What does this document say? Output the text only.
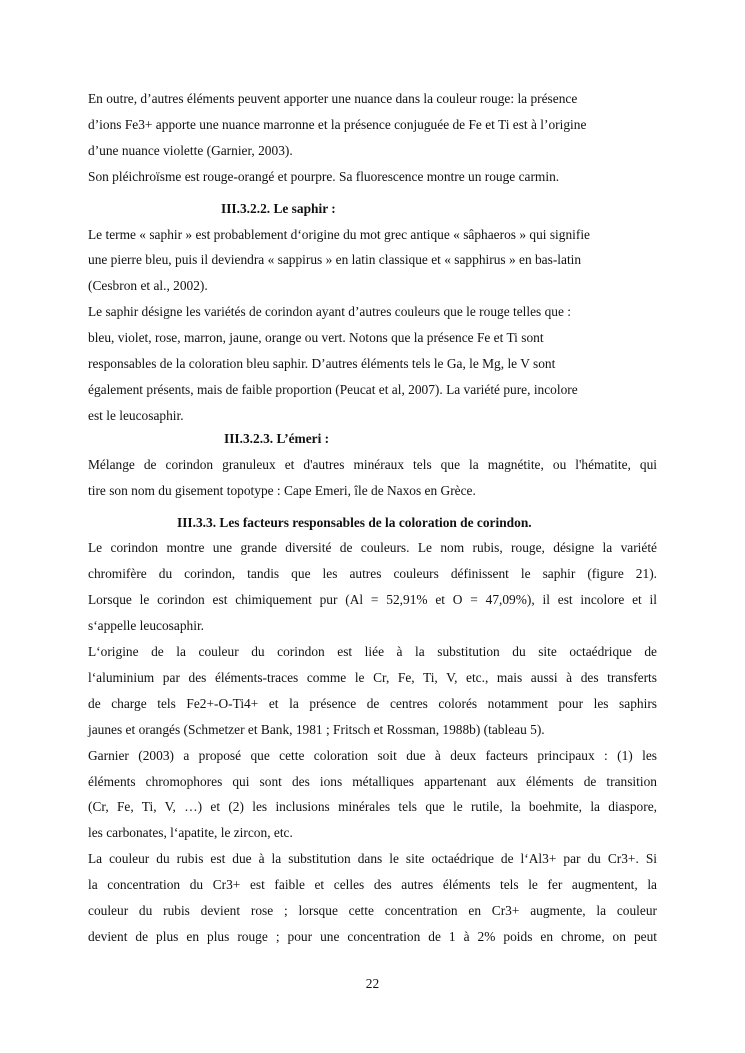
En outre, d’autres éléments peuvent apporter une nuance dans la couleur rouge: la présence
d’ions Fe3+ apporte une nuance marronne et la présence conjuguée de Fe et Ti est à l’origine
d’une nuance violette (Garnier, 2003).
Son pléichroïsme est rouge-orangé et pourpre. Sa fluorescence montre un rouge carmin.
III.3.2.2. Le saphir :
Le terme « saphir » est probablement d‘origine du mot grec antique « sâphaeros » qui signifie
une pierre bleu, puis il deviendra « sappirus » en latin classique et « sapphirus » en bas-latin
(Cesbron et al., 2002).
Le saphir désigne les variétés de corindon ayant d’autres couleurs que le rouge telles que :
bleu, violet, rose, marron, jaune, orange ou vert. Notons que la présence Fe et Ti sont
responsables de la coloration bleu saphir. D’autres éléments tels le Ga, le Mg, le V sont
également présents, mais de faible proportion (Peucat et al, 2007). La variété pure, incolore
est le leucosaphir.
III.3.2.3. L’émeri :
Mélange de corindon granuleux et d'autres minéraux tels que la magnétite, ou l'hématite, qui
tire son nom du gisement topotype : Cape Emeri, île de Naxos en Grèce.
III.3.3. Les facteurs responsables de la coloration de corindon.
Le corindon montre une grande diversité de couleurs. Le nom rubis, rouge, désigne la variété
chromifère du corindon, tandis que les autres couleurs définissent le saphir (figure 21).
Lorsque le corindon est chimiquement pur (Al = 52,91% et O = 47,09%), il est incolore et il
s‘appelle leucosaphir.
L‘origine de la couleur du corindon est liée à la substitution du site octaédrique de
l‘aluminium par des éléments-traces comme le Cr, Fe, Ti, V, etc., mais aussi à des transferts
de charge tels Fe2+-O-Ti4+ et la présence de centres colorés notamment pour les saphirs
jaunes et orangés (Schmetzer et Bank, 1981 ; Fritsch et Rossman, 1988b) (tableau 5).
Garnier (2003) a proposé que cette coloration soit due à deux facteurs principaux : (1) les
éléments chromophores qui sont des ions métalliques appartenant aux éléments de transition
(Cr, Fe, Ti, V, …) et (2) les inclusions minérales tels que le rutile, la boehmite, la diaspore,
les carbonates, l‘apatite, le zircon, etc.
La couleur du rubis est due à la substitution dans le site octaédrique de l‘Al3+ par du Cr3+. Si
la concentration du Cr3+ est faible et celles des autres éléments tels le fer augmentent, la
couleur du rubis devient rose ; lorsque cette concentration en Cr3+ augmente, la couleur
devient de plus en plus rouge ; pour une concentration de 1 à 2% poids en chrome, on peut
22
